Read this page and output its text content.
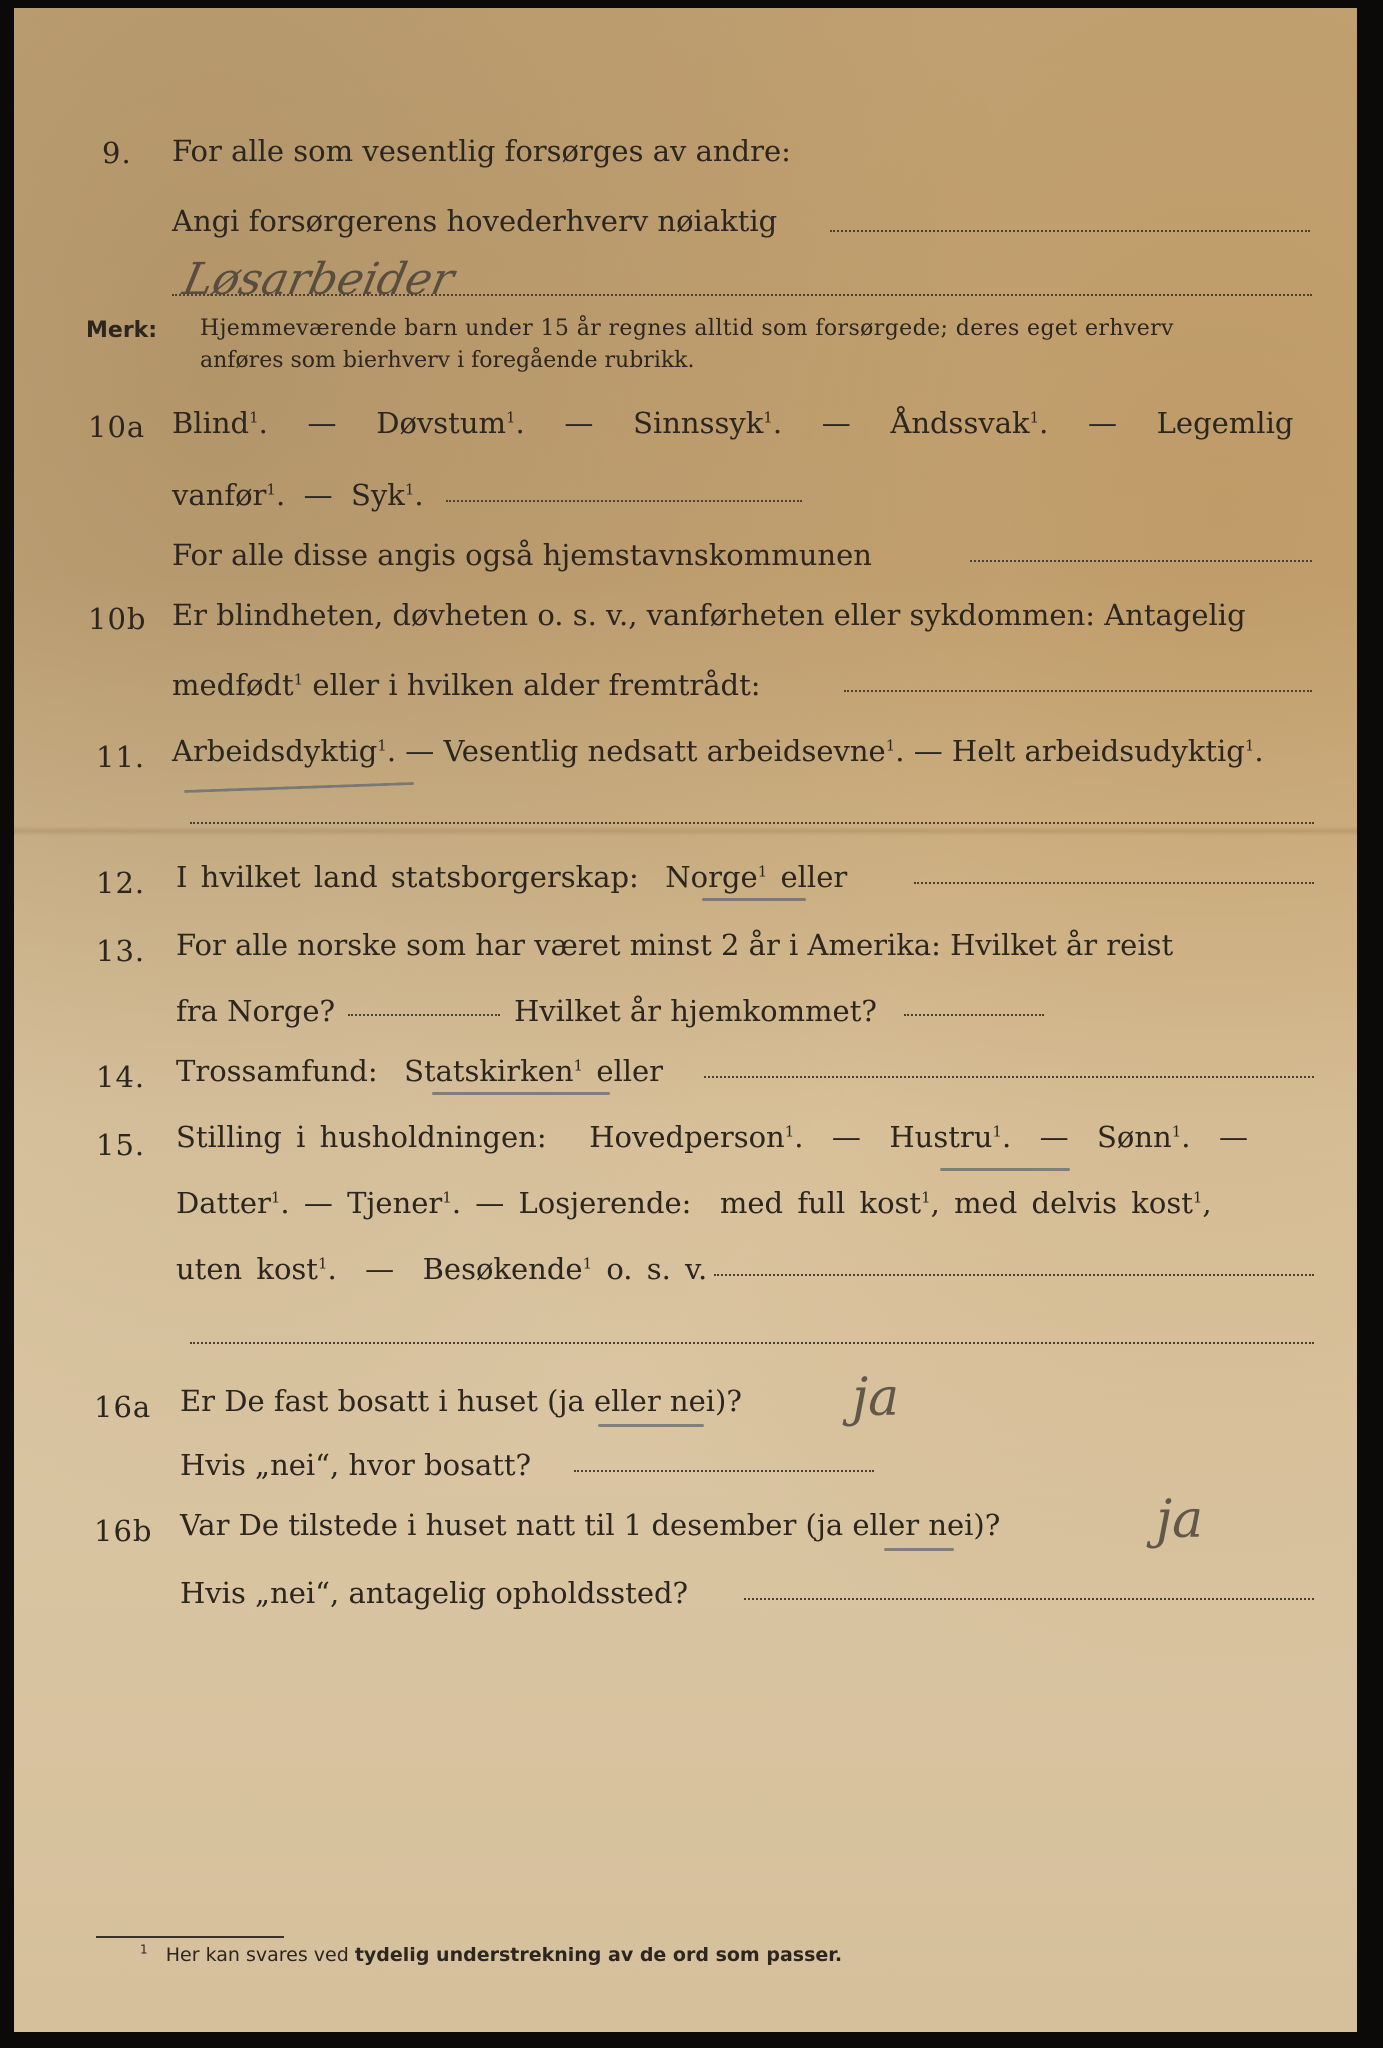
9. For alle som vesentlig forsørges av andre:
Angi forsørgerens hovederhverv nøiaktig
Løsarbeider
Merk: Hjemmeværende barn under 15 år regnes alltid som forsørgede; deres eget erhverv
anføres som bierhverv i foregående rubrikk.
10a Blind$^1$. — Døvstum$^1$. — Sinnssyk$^1$. — Åndssvak$^1$. — Legemlig
vanfør$^1$. — Syk$^1$.
For alle disse angis også hjemstavnskommunen
10b Er blindheten, døvheten o. s. v., vanførheten eller sykdommen: Antagelig
medfødt$^1$ eller i hvilken alder fremtrådt:
11. Arbeidsdyktig$^1$. — Vesentlig nedsatt arbeidsevne$^1$. — Helt arbeidsudyktig$^1$.
12. I hvilket land statsborgerskap: Norge$^1$ eller
13. For alle norske som har været minst 2 år i Amerika: Hvilket år reist
fra Norge?	Hvilket år hjemkommet?
14. Trossamfund: Statskirken$^1$ eller
15. Stilling i husholdningen: Hovedperson$^1$. — Hustru$^1$. — Sønn$^1$. —
Datter$^1$. — Tjener$^1$. — Losjerende: med full kost$^1$, med delvis kost$^1$,
uten kost$^1$. — Besøkende$^1$ o. s. v.
16a Er De fast bosatt i huset (ja eller nei)? ja
Hvis „nei“, hvor bosatt?
16b Var De tilstede i huset natt til 1 desember (ja eller nei)?	ja
Hvis „nei“, antagelig opholdssted?
$^1$ Her kan svares ved tydelig understrekning av de ord som passer.
